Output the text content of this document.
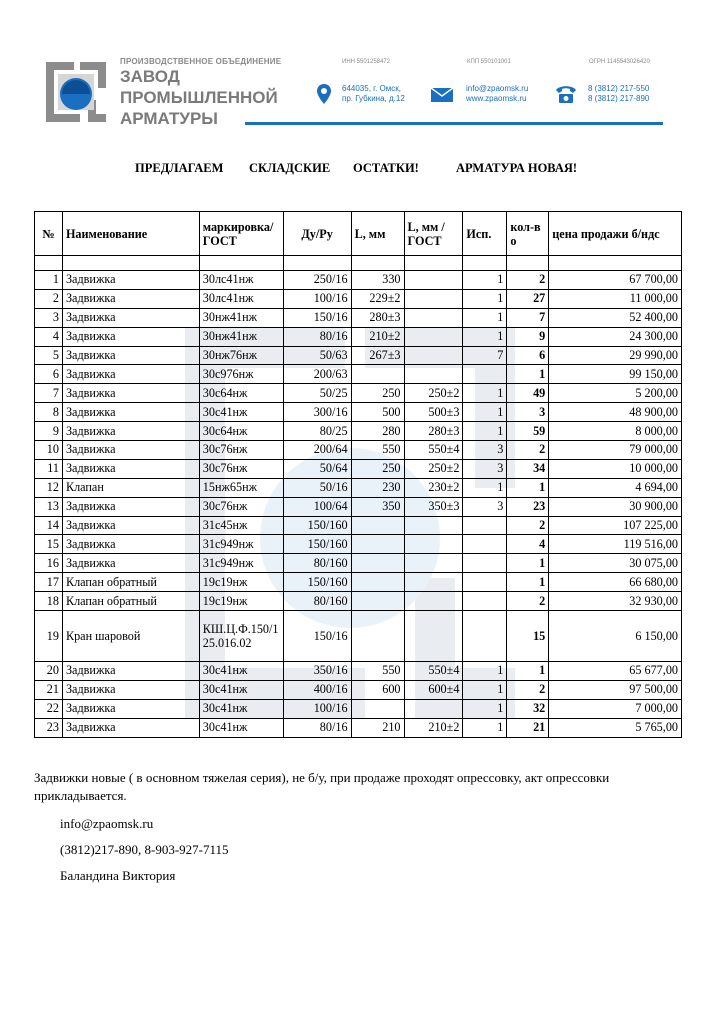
ПРОИЗВОДСТВЕННОЕ ОБЪЕДИНЕНИЕ
ЗАВОД
ПРОМЫШЛЕННОЙ
АРМАТУРЫ
ИНН 5501258472	КПП 550101001	ОГРН 1145543026420
644035, г. Омск,
пр. Губкина, д.12
info@zpaomsk.ru
www.zpaomsk.ru
8 (3812) 217-550
8 (3812) 217-890
ПРЕДЛАГАЕМ СКЛАДСКИЕ ОСТАТКИ!	АРМАТУРА НОВАЯ!
№	Наименование	маркировка/ГОСТ	Ду/Ру	L, мм	L, мм / ГОСТ	Исп.	кол-во	цена продажи б/ндс

1	Задвижка	30лс41нж	250/16	330		1	2	67 700,00
2	Задвижка	30лс41нж	100/16	229±2		1	27	11 000,00
3	Задвижка	30нж41нж	150/16	280±3		1	7	52 400,00
4	Задвижка	30нж41нж	80/16	210±2		1	9	24 300,00
5	Задвижка	30нж76нж	50/63	267±3		7	6	29 990,00
6	Задвижка	30с976нж	200/63				1	99 150,00
7	Задвижка	30с64нж	50/25	250	250±2	1	49	5 200,00
8	Задвижка	30с41нж	300/16	500	500±3	1	3	48 900,00
9	Задвижка	30с64нж	80/25	280	280±3	1	59	8 000,00
10	Задвижка	30с76нж	200/64	550	550±4	3	2	79 000,00
11	Задвижка	30с76нж	50/64	250	250±2	3	34	10 000,00
12	Клапан	15нж65нж	50/16	230	230±2	1	1	4 694,00
13	Задвижка	30с76нж	100/64	350	350±3	3	23	30 900,00
14	Задвижка	31с45нж	150/160				2	107 225,00
15	Задвижка	31с949нж	150/160				4	119 516,00
16	Задвижка	31с949нж	80/160				1	30 075,00
17	Клапан обратный	19с19нж	150/160				1	66 680,00
18	Клапан обратный	19с19нж	80/160				2	32 930,00
19	Кран шаровой	КШ.Ц.Ф.150/125.016.02	150/16				15	6 150,00
20	Задвижка	30с41нж	350/16	550	550±4	1	1	65 677,00
21	Задвижка	30с41нж	400/16	600	600±4	1	2	97 500,00
22	Задвижка	30с41нж	100/16			1	32	7 000,00
23	Задвижка	30с41нж	80/16	210	210±2	1	21	5 765,00
Задвижки новые ( в основном тяжелая серия), не б/у, при продаже проходят опрессовку, акт опрессовки прикладывается.
info@zpaomsk.ru
(3812)217-890, 8-903-927-7115
Баландина Виктория
